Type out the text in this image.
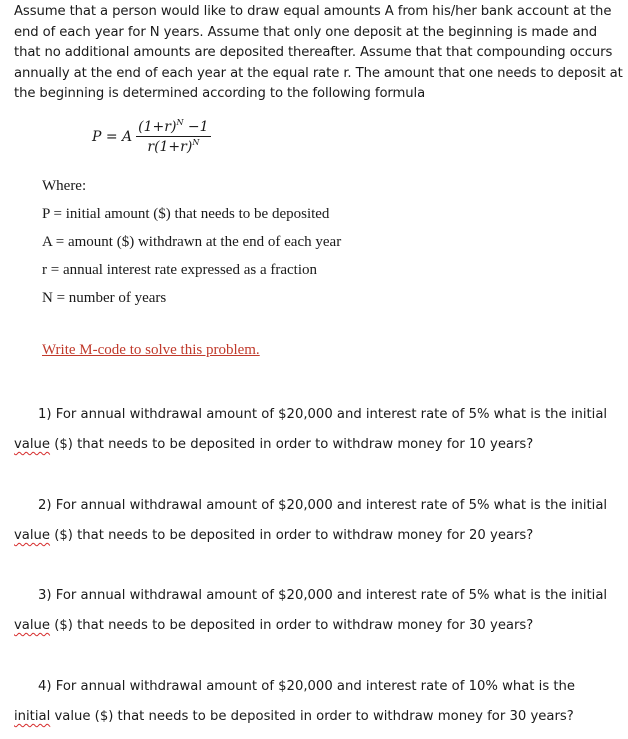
Assume that a person would like to draw equal amounts A from his/her bank account at the end of each year for N years. Assume that only one deposit at the beginning is made and that no additional amounts are deposited thereafter. Assume that that compounding occurs annually at the end of each year at the equal rate r. The amount that one needs to deposit at the beginning is determined according to the following formula
P = A $\frac{(1+r)^N -1}{r(1+r)^N}$
Where:
P = initial amount ($) that needs to be deposited
A = amount ($) withdrawn at the end of each year
r = annual interest rate expressed as a fraction
N = number of years
Write M-code to solve this problem.
1) For annual withdrawal amount of $20,000 and interest rate of 5% what is the initial
value ($) that needs to be deposited in order to withdraw money for 10 years?
2) For annual withdrawal amount of $20,000 and interest rate of 5% what is the initial
value ($) that needs to be deposited in order to withdraw money for 20 years?
3) For annual withdrawal amount of $20,000 and interest rate of 5% what is the initial
value ($) that needs to be deposited in order to withdraw money for 30 years?
4) For annual withdrawal amount of $20,000 and interest rate of 10% what is the
initial value ($) that needs to be deposited in order to withdraw money for 30 years?
